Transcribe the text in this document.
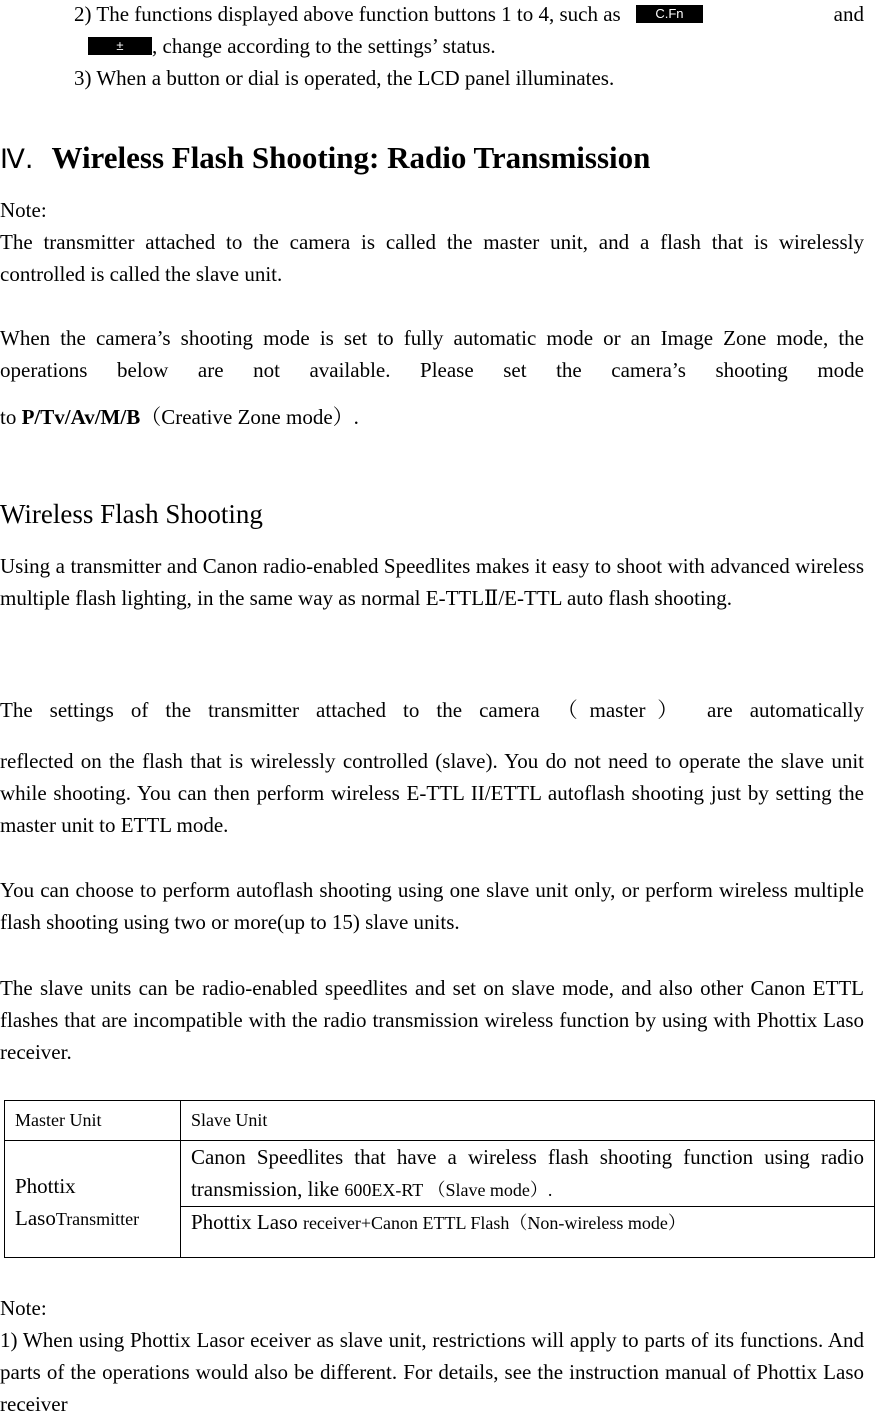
2) The functions displayed above function buttons 1 to 4, such as	C.Fn	and
± , change according to the settings’ status.
3) When a button or dial is operated, the LCD panel illuminates.
Ⅳ. Wireless Flash Shooting: Radio Transmission
Note:
The transmitter attached to the camera is called the master unit, and a flash that is wirelessly controlled is called the slave unit.
When the camera’s shooting mode is set to fully automatic mode or an Image Zone mode, the operations below are not available. Please set the camera’s shooting mode
to P/Tv/Av/M/B（Creative Zone mode）.
Wireless Flash Shooting
Using a transmitter and Canon radio-enabled Speedlites makes it easy to shoot with advanced wireless multiple flash lighting, in the same way as normal E-TTLⅡ/E-TTL auto flash shooting.
The settings of the transmitter attached to the camera （master） are automatically
reflected on the flash that is wirelessly controlled (slave). You do not need to operate the slave unit while shooting. You can then perform wireless E-TTL II/ETTL autoflash shooting just by setting the master unit to ETTL mode.
You can choose to perform autoflash shooting using one slave unit only, or perform wireless multiple flash shooting using two or more(up to 15) slave units.
The slave units can be radio-enabled speedlites and set on slave mode, and also other Canon ETTL flashes that are incompatible with the radio transmission wireless function by using with Phottix Laso receiver.
Master Unit	Slave Unit
Phottix
LasoTransmitter	Canon Speedlites that have a wireless flash shooting function using radio transmission, like 600EX-RT （Slave mode）.
	Phottix Laso receiver+Canon ETTL Flash（Non-wireless mode）
Note:
1) When using Phottix Lasor eceiver as slave unit, restrictions will apply to parts of its functions. And parts of the operations would also be different. For details, see the instruction manual of Phottix Laso receiver
